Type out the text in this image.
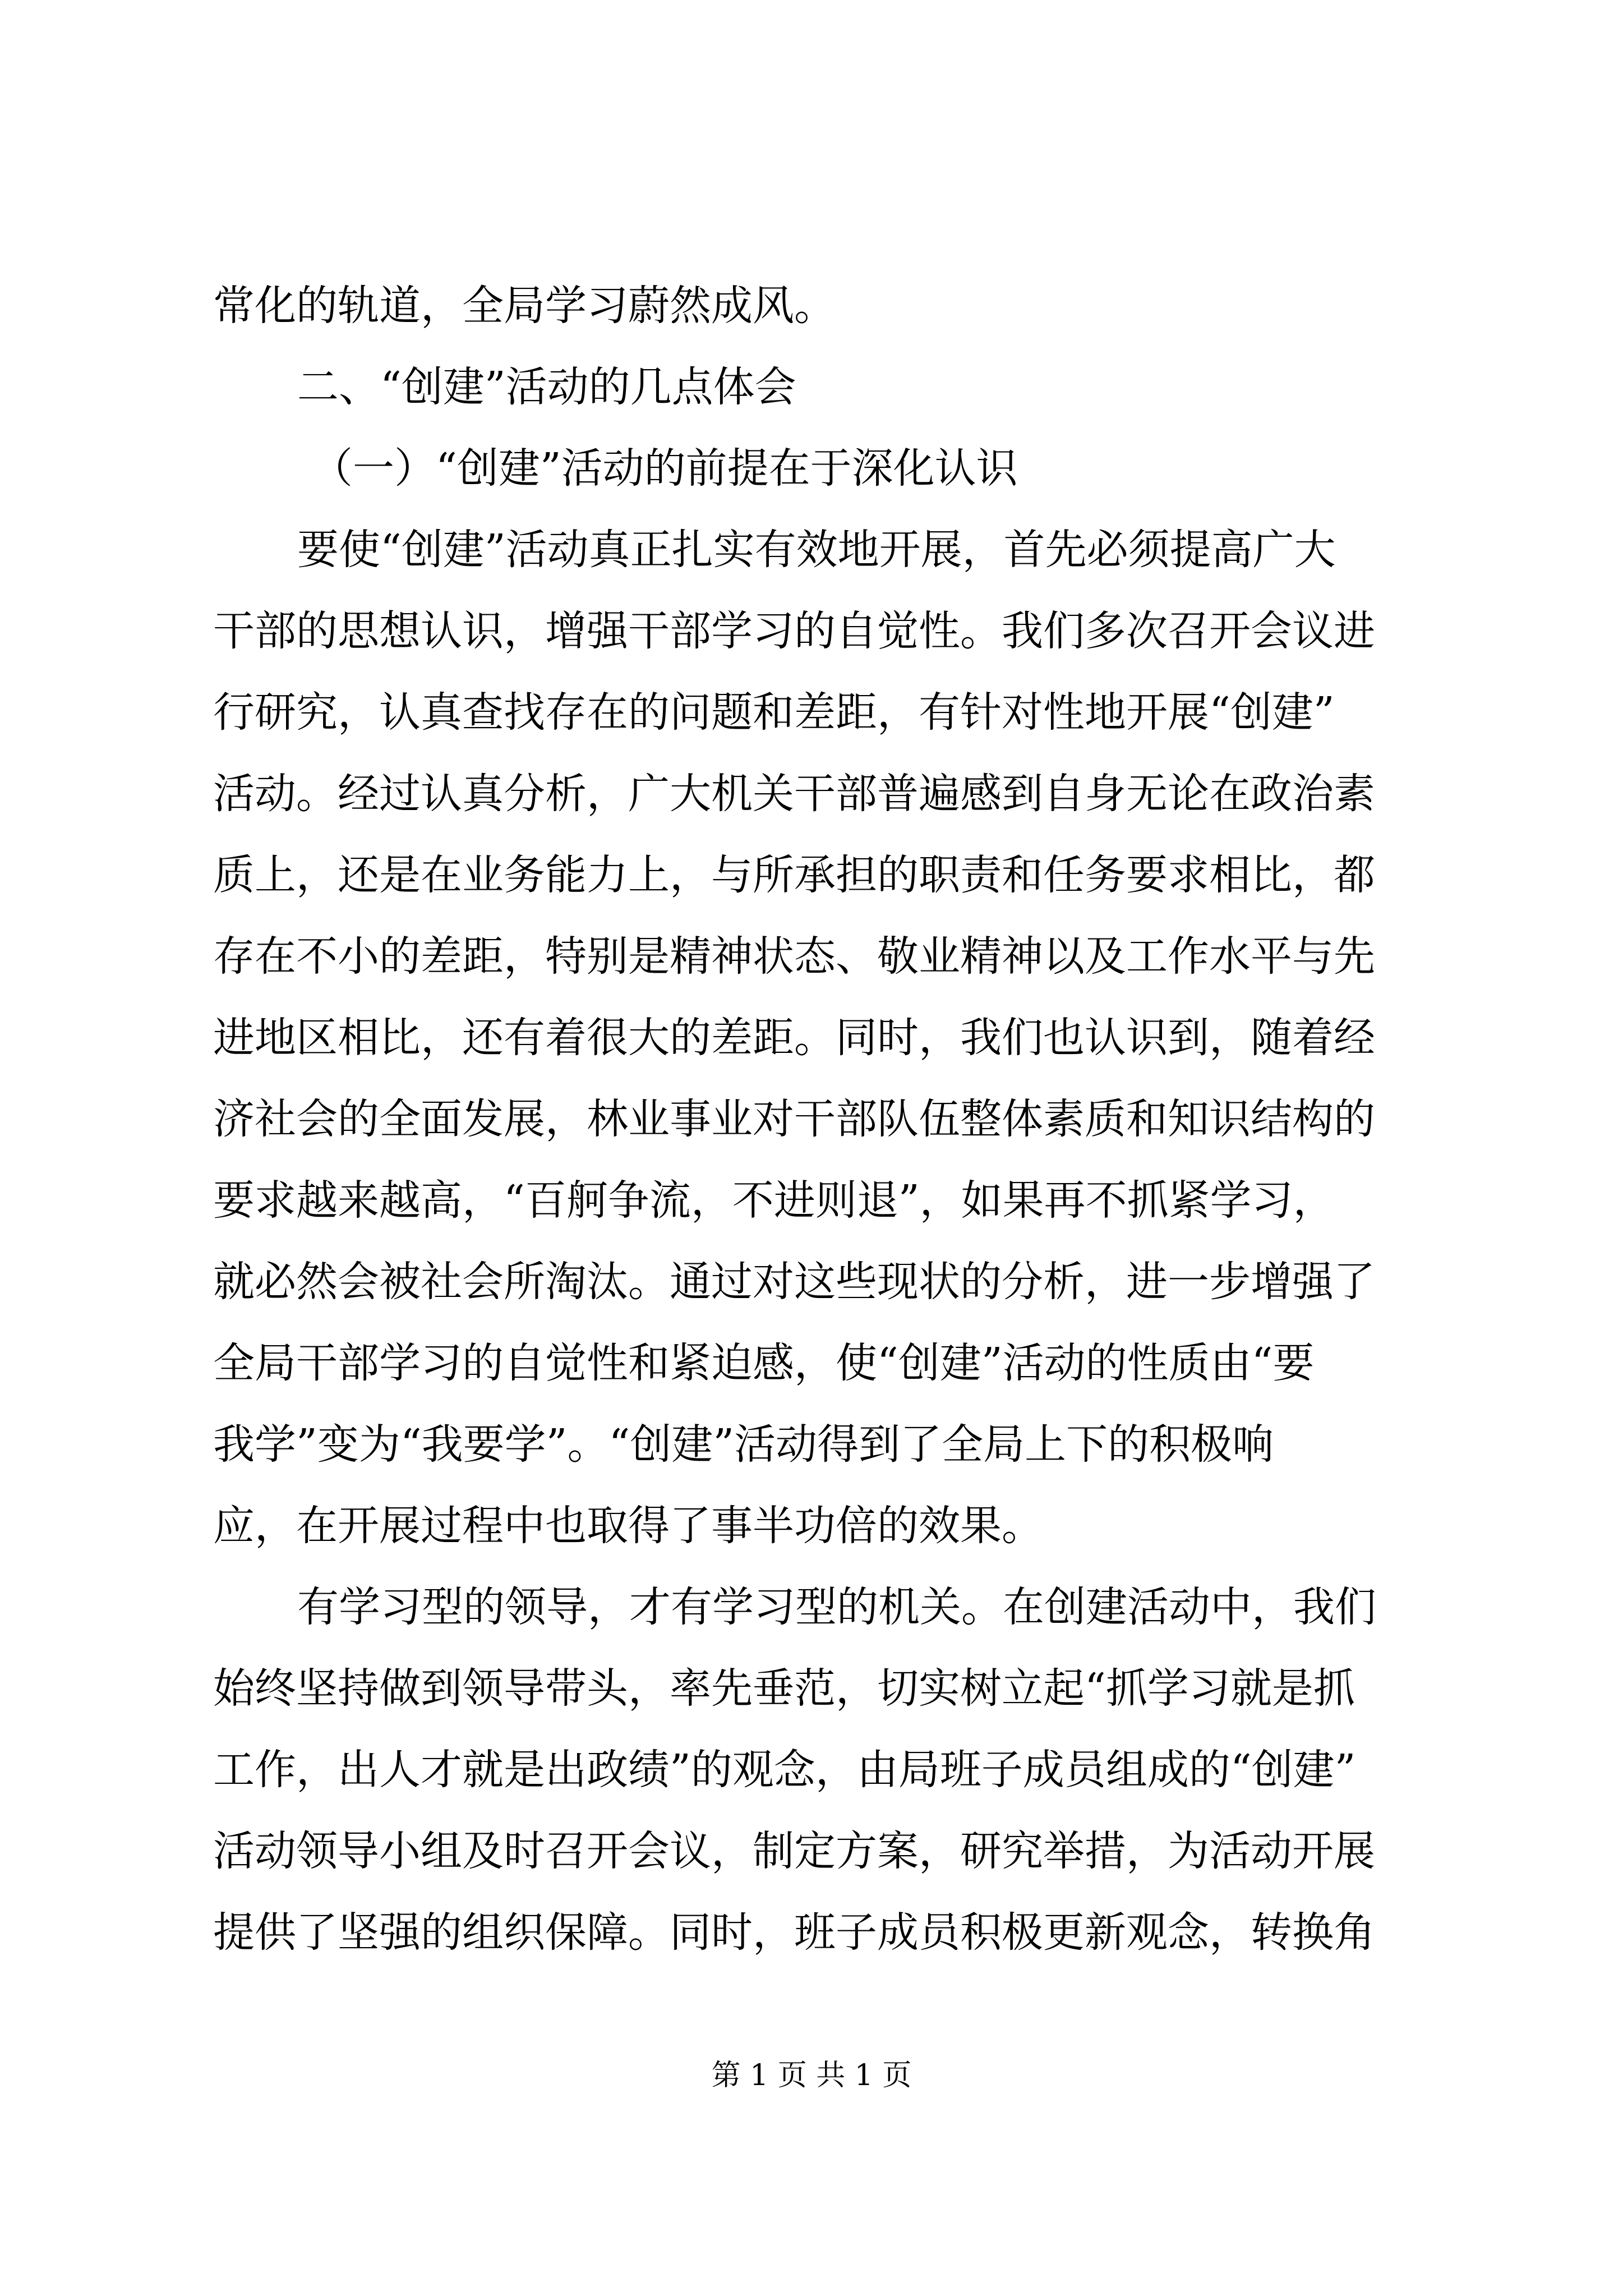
常化的轨道，全局学习蔚然成风。
二、“创建”活动的几点体会
（一）“创建”活动的前提在于深化认识
要使“创建”活动真正扎实有效地开展，首先必须提高广大
干部的思想认识，增强干部学习的自觉性。我们多次召开会议进
行研究，认真查找存在的问题和差距，有针对性地开展“创建”
活动。经过认真分析，广大机关干部普遍感到自身无论在政治素
质上，还是在业务能力上，与所承担的职责和任务要求相比，都
存在不小的差距，特别是精神状态、敬业精神以及工作水平与先
进地区相比，还有着很大的差距。同时，我们也认识到，随着经
济社会的全面发展，林业事业对干部队伍整体素质和知识结构的
要求越来越高，“百舸争流，不进则退”，如果再不抓紧学习，
就必然会被社会所淘汰。通过对这些现状的分析，进一步增强了
全局干部学习的自觉性和紧迫感，使“创建”活动的性质由“要
我学”变为“我要学”。“创建”活动得到了全局上下的积极响
应，在开展过程中也取得了事半功倍的效果。
有学习型的领导，才有学习型的机关。在创建活动中，我们
始终坚持做到领导带头，率先垂范，切实树立起“抓学习就是抓
工作，出人才就是出政绩”的观念，由局班子成员组成的“创建”
活动领导小组及时召开会议，制定方案，研究举措，为活动开展
提供了坚强的组织保障。同时，班子成员积极更新观念，转换角
第 1 页 共 1 页
